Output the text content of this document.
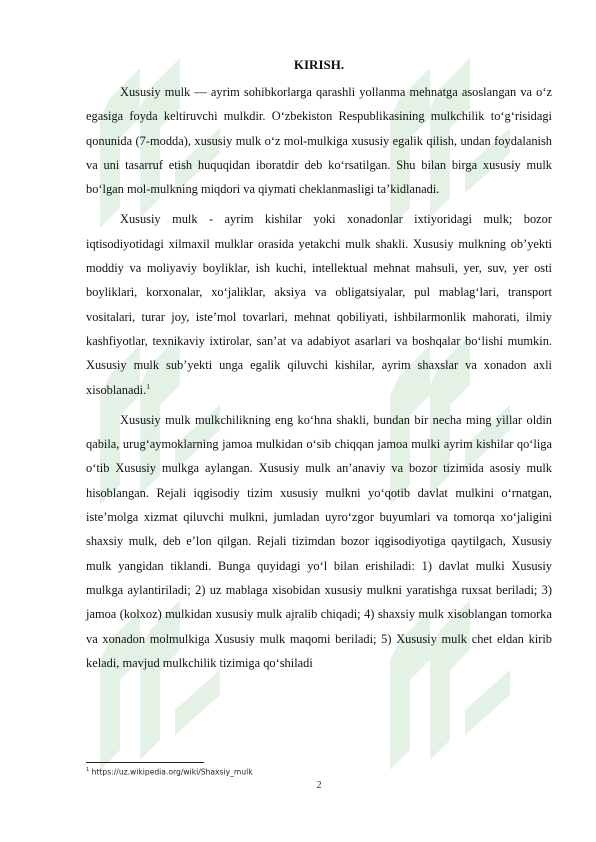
KIRISH.

Xususiy mulk — ayrim sohibkorlarga qarashli yollanma mehnatga asoslangan va oʻz egasiga foyda keltiruvchi mulkdir. Oʻzbekiston Respublikasining mulkchilik toʻgʻrisidagi qonunida (7-modda), xususiy mulk oʻz mol-mulkiga xususiy egalik qilish, undan foydalanish va uni tasarruf etish huquqidan iboratdir deb koʻrsatilgan. Shu bilan birga xususiy mulk boʻlgan mol-mulkning miqdori va qiymati cheklanmasligi taʼkidlanadi.

Xususiy mulk - ayrim kishilar yoki xonadonlar ixtiyoridagi mulk; bozor iqtisodiyotidagi xilmaxil mulklar orasida yetakchi mulk shakli. Xususiy mulkning ob’yekti moddiy va moliyaviy boyliklar, ish kuchi, intellektual mehnat mahsuli, yer, suv, yer osti boyliklari, korxonalar, xoʻjaliklar, aksiya va obligatsiyalar, pul mablagʻlari, transport vositalari, turar joy, iste’mol tovarlari, mehnat qobiliyati, ishbilarmonlik mahorati, ilmiy kashfiyotlar, texnikaviy ixtirolar, san’at va adabiyot asarlari va boshqalar boʻlishi mumkin. Xususiy mulk sub’yekti unga egalik qiluvchi kishilar, ayrim shaxslar va xonadon axli xisoblanadi.$^1$

Xususiy mulk mulkchilikning eng koʻhna shakli, bundan bir necha ming yillar oldin qabila, urugʻaymoklarning jamoa mulkidan oʻsib chiqqan jamoa mulki ayrim kishilar qoʻliga oʻtib Xususiy mulkga aylangan. Xususiy mulk an’anaviy va bozor tizimida asosiy mulk hisoblangan. Rejali iqgisodiy tizim xususiy mulkni yoʻqotib davlat mulkini oʻrnatgan, iste’molga xizmat qiluvchi mulkni, jumladan uyroʻzgor buyumlari va tomorqa xoʻjaligini shaxsiy mulk, deb e’lon qilgan. Rejali tizimdan bozor iqgisodiyotiga qaytilgach, Xususiy mulk yangidan tiklandi. Bunga quyidagi yoʻl bilan erishiladi: 1) davlat mulki Xususiy mulkga aylantiriladi; 2) uz mablaga xisobidan xususiy mulkni yaratishga ruxsat beriladi; 3) jamoa (kolxoz) mulkidan xususiy mulk ajralib chiqadi; 4) shaxsiy mulk xisoblangan tomorka va xonadon molmulkiga Xususiy mulk maqomi beriladi; 5) Xususiy mulk chet eldan kirib keladi, mavjud mulkchilik tizimiga qoʻshiladi

$^1$ https://uz.wikipedia.org/wiki/Shaxsiy_mulk
2
